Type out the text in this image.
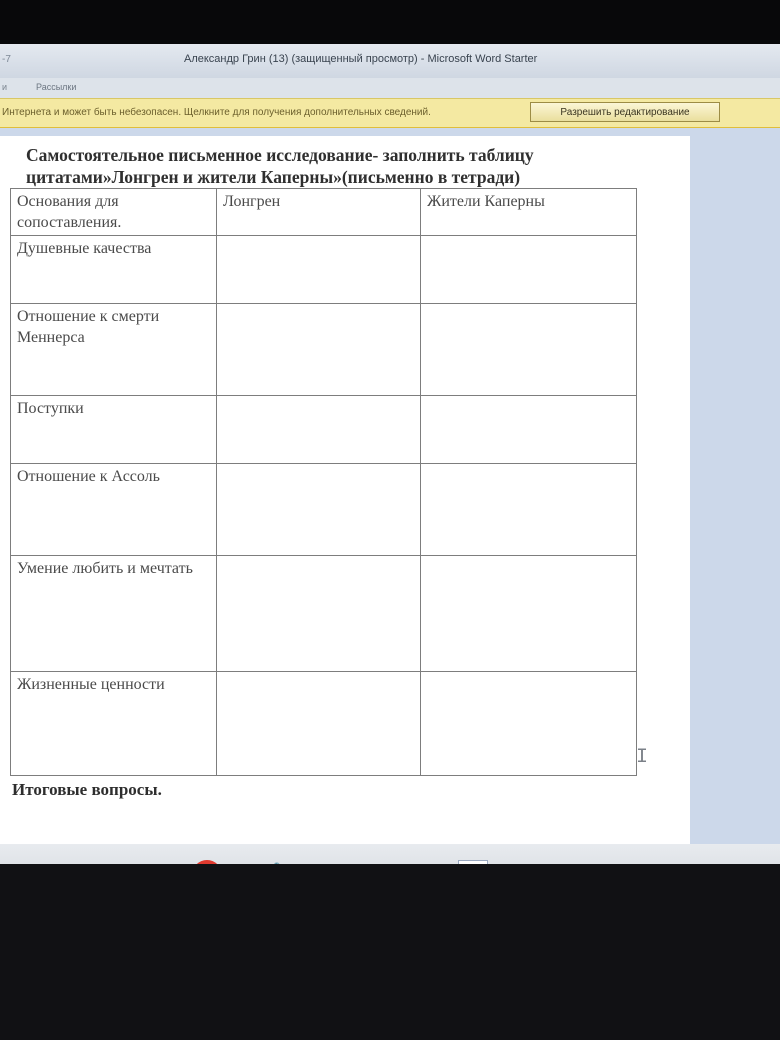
-7	Александр Грин (13) (защищенный просмотр) - Microsoft Word Starter
и	Рассылки
Интернета и может быть небезопасен. Щелкните для получения дополнительных сведений.	Разрешить редактирование
Самостоятельное письменное исследование- заполнить таблицу цитатами»Лонгрен и жители Каперны»(письменно в тетради)
Основания для сопоставления.	Лонгрен	Жители Каперны
Душевные качества		
Отношение к смерти Меннерса		
Поступки		
Отношение к Ассоль		
Умение любить и мечтать		
Жизненные ценности		
Итоговые вопросы.
I
